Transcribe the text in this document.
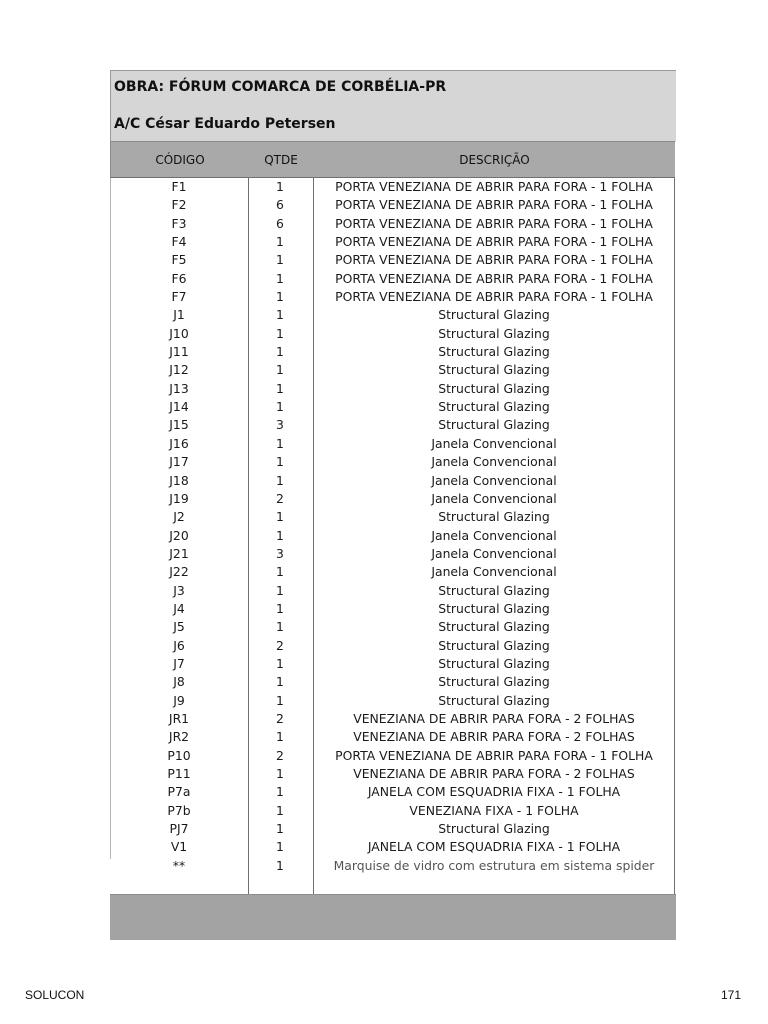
OBRA: FÓRUM COMARCA DE CORBÉLIA-PR
A/C César Eduardo Petersen
CÓDIGO	QTDE	DESCRIÇÃO
F1	1	PORTA VENEZIANA DE ABRIR PARA FORA - 1 FOLHA
F2	6	PORTA VENEZIANA DE ABRIR PARA FORA - 1 FOLHA
F3	6	PORTA VENEZIANA DE ABRIR PARA FORA - 1 FOLHA
F4	1	PORTA VENEZIANA DE ABRIR PARA FORA - 1 FOLHA
F5	1	PORTA VENEZIANA DE ABRIR PARA FORA - 1 FOLHA
F6	1	PORTA VENEZIANA DE ABRIR PARA FORA - 1 FOLHA
F7	1	PORTA VENEZIANA DE ABRIR PARA FORA - 1 FOLHA
J1	1	Structural Glazing
J10	1	Structural Glazing
J11	1	Structural Glazing
J12	1	Structural Glazing
J13	1	Structural Glazing
J14	1	Structural Glazing
J15	3	Structural Glazing
J16	1	Janela Convencional
J17	1	Janela Convencional
J18	1	Janela Convencional
J19	2	Janela Convencional
J2	1	Structural Glazing
J20	1	Janela Convencional
J21	3	Janela Convencional
J22	1	Janela Convencional
J3	1	Structural Glazing
J4	1	Structural Glazing
J5	1	Structural Glazing
J6	2	Structural Glazing
J7	1	Structural Glazing
J8	1	Structural Glazing
J9	1	Structural Glazing
JR1	2	VENEZIANA DE ABRIR PARA FORA - 2 FOLHAS
JR2	1	VENEZIANA DE ABRIR PARA FORA - 2 FOLHAS
P10	2	PORTA VENEZIANA DE ABRIR PARA FORA - 1 FOLHA
P11	1	VENEZIANA DE ABRIR PARA FORA - 2 FOLHAS
P7a	1	JANELA COM ESQUADRIA FIXA - 1 FOLHA
P7b	1	VENEZIANA FIXA - 1 FOLHA
PJ7	1	Structural Glazing
V1	1	JANELA COM ESQUADRIA FIXA - 1 FOLHA
**	1	Marquise de vidro com estrutura em sistema spider
SOLUCON	171
